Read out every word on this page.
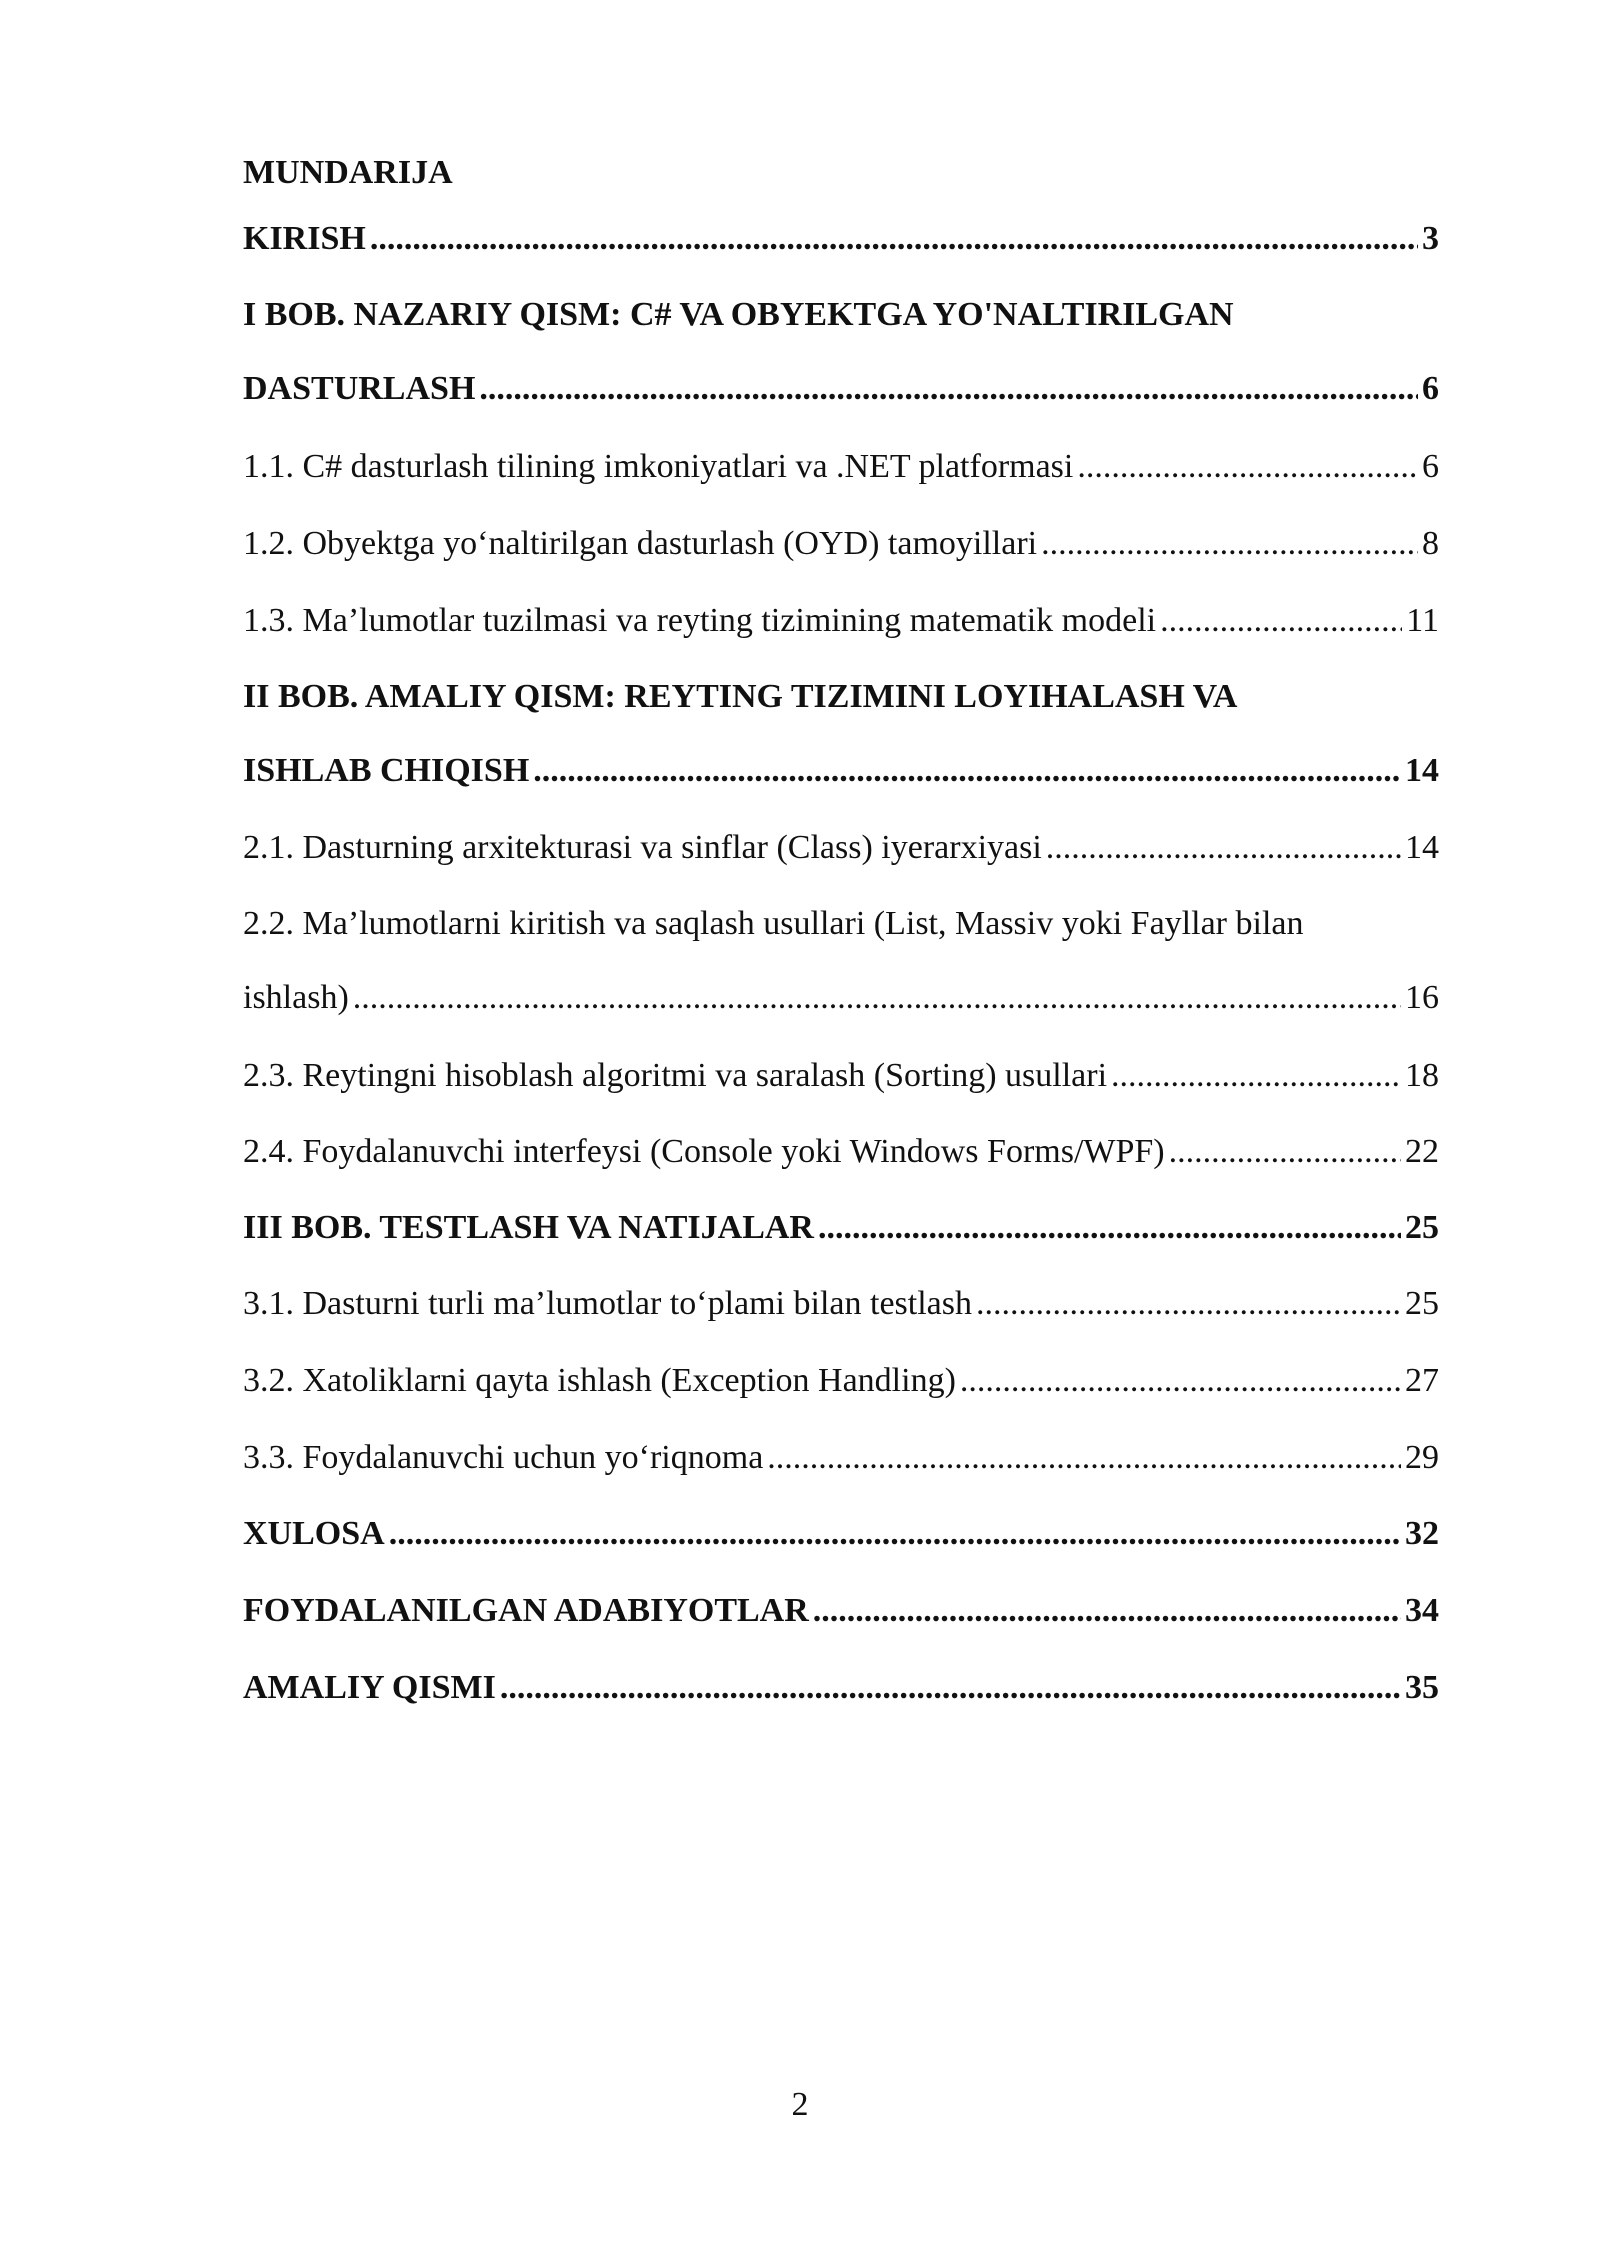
MUNDARIJA
KIRISH .....	3
I BOB. NAZARIY QISM: C# VA OBYEKTGA YO'NALTIRILGAN
DASTURLASH .....	6
1.1. C# dasturlash tilining imkoniyatlari va .NET platformasi .....	6
1.2. Obyektga yo‘naltirilgan dasturlash (OYD) tamoyillari .....	8
1.3. Ma’lumotlar tuzilmasi va reyting tizimining matematik modeli .....	11
II BOB. AMALIY QISM: REYTING TIZIMINI LOYIHALASH VA
ISHLAB CHIQISH .....	14
2.1. Dasturning arxitekturasi va sinflar (Class) iyerarxiyasi .....	14
2.2. Ma’lumotlarni kiritish va saqlash usullari (List, Massiv yoki Fayllar bilan
ishlash) .....	16
2.3. Reytingni hisoblash algoritmi va saralash (Sorting) usullari .....	18
2.4. Foydalanuvchi interfeysi (Console yoki Windows Forms/WPF) .....	22
III BOB. TESTLASH VA NATIJALAR .....	25
3.1. Dasturni turli ma’lumotlar to‘plami bilan testlash .....	25
3.2. Xatoliklarni qayta ishlash (Exception Handling) .....	27
3.3. Foydalanuvchi uchun yo‘riqnoma .....	29
XULOSA .....	32
FOYDALANILGAN ADABIYOTLAR .....	34
AMALIY QISMI .....	35
2
